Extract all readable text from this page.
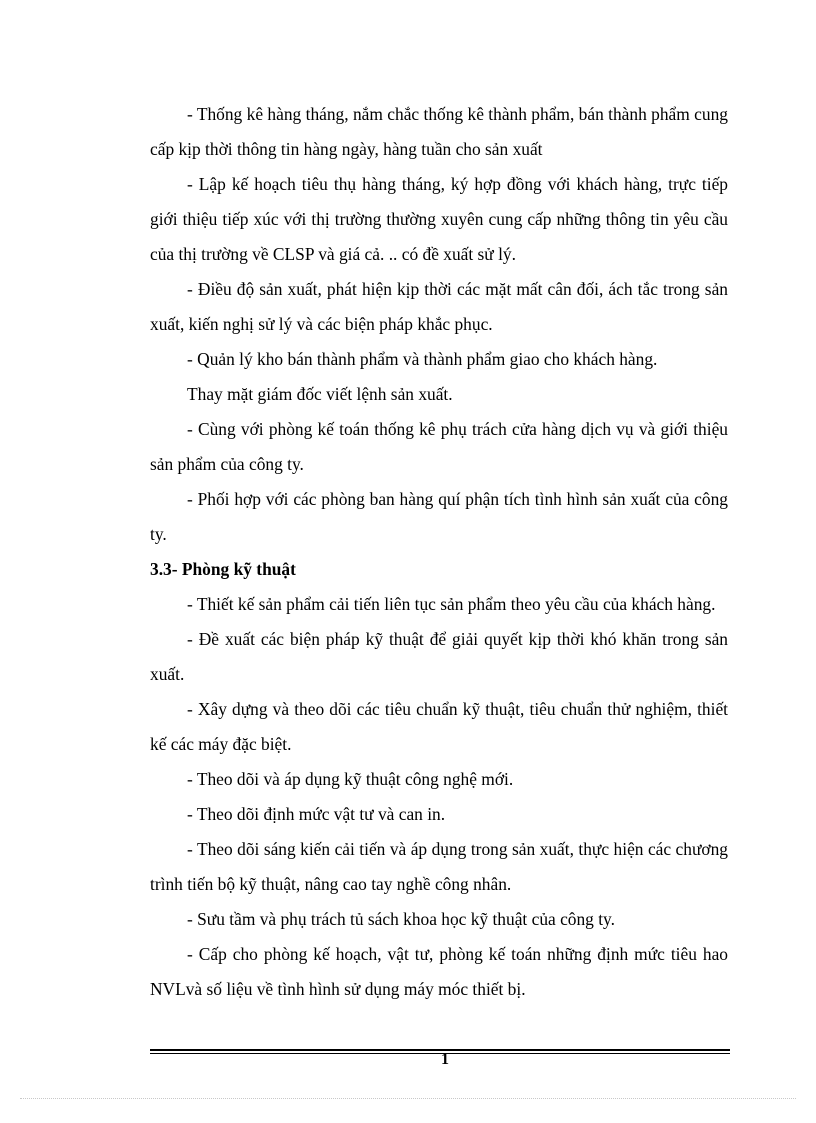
- Thống kê hàng tháng, nắm chắc thống kê thành phẩm, bán thành phẩm cung cấp kịp thời thông tin hàng ngày, hàng tuần cho sản xuất

- Lập kế hoạch tiêu thụ hàng tháng, ký hợp đồng với khách hàng, trực tiếp giới thiệu tiếp xúc với thị trường thường xuyên cung cấp những thông tin yêu cầu của thị trường về CLSP và giá cả. .. có đề xuất sử lý.

- Điều độ sản xuất, phát hiện kịp thời các mặt mất cân đối, ách tắc trong sản xuất, kiến nghị sử lý và các biện pháp khắc phục.

- Quản lý kho bán thành phẩm và thành phẩm giao cho khách hàng.

Thay mặt giám đốc viết lệnh sản xuất.

- Cùng với phòng kế toán thống kê phụ trách cửa hàng dịch vụ và giới thiệu sản phẩm của công ty.

- Phối hợp với các phòng ban hàng quí phận tích tình hình sản xuất của công ty.

3.3- Phòng kỹ thuật

- Thiết kế sản phẩm cải tiến liên tục sản phẩm theo yêu cầu của khách hàng.

- Đề xuất các biện pháp kỹ thuật để giải quyết kịp thời khó khăn trong sản xuất.

- Xây dựng và theo dõi các tiêu chuẩn kỹ thuật, tiêu chuẩn thử nghiệm, thiết kế các máy đặc biệt.

- Theo dõi và áp dụng kỹ thuật công nghệ mới.

- Theo dõi định mức vật tư và can in.

- Theo dõi sáng kiến cải tiến và áp dụng trong sản xuất, thực hiện các chương trình tiến bộ kỹ thuật, nâng cao tay nghề công nhân.

- Sưu tầm và phụ trách tủ sách khoa học kỹ thuật của công ty.

- Cấp cho phòng kế hoạch, vật tư, phòng kế toán những định mức tiêu hao NVLvà số liệu về tình hình sử dụng máy móc thiết bị.

1
